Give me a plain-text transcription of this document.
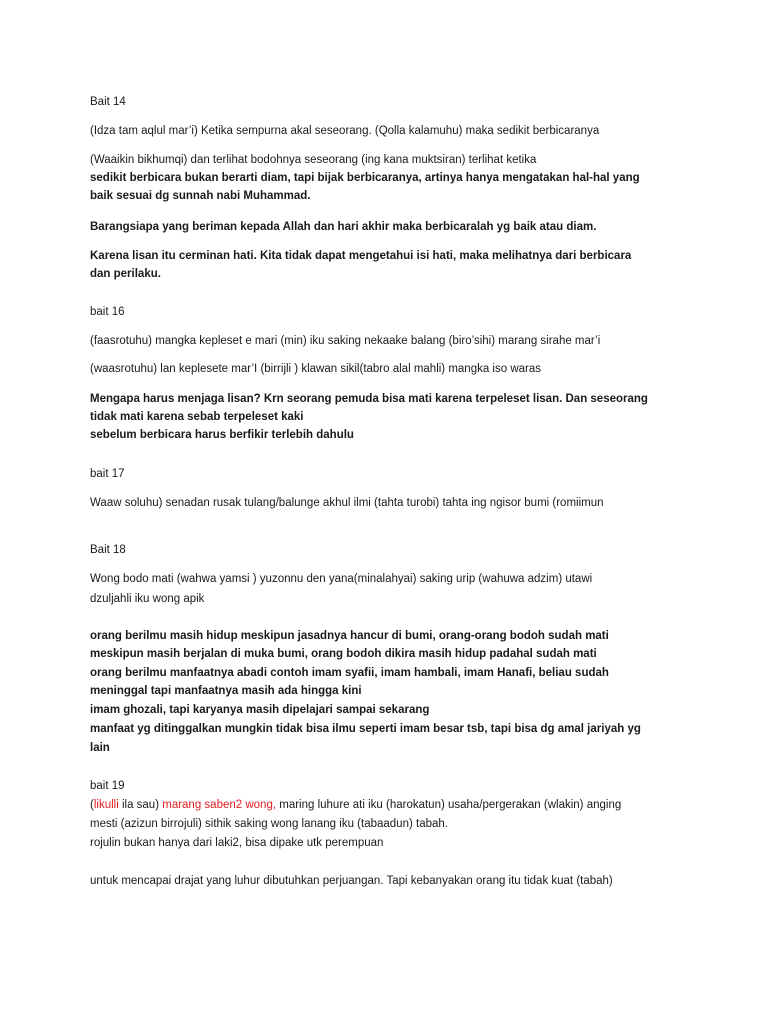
Bait 14
(Idza tam aqlul mar’i) Ketika sempurna akal seseorang. (Qolla kalamuhu) maka sedikit berbicaranya
(Waaikin bikhumqi) dan terlihat bodohnya seseorang (ing kana muktsiran) terlihat ketika
sedikit berbicara bukan berarti diam, tapi bijak berbicaranya, artinya hanya mengatakan hal-hal yang
baik sesuai dg sunnah nabi Muhammad.
Barangsiapa yang beriman kepada Allah dan hari akhir maka berbicaralah yg baik atau diam.
Karena lisan itu cerminan hati. Kita tidak dapat mengetahui isi hati, maka melihatnya dari berbicara
dan perilaku.
bait 16
(faasrotuhu) mangka kepleset e mari (min) iku saking nekaake balang (biro’sihi) marang sirahe mar’i
(waasrotuhu) lan keplesete mar’I (birrijli ) klawan sikil(tabro alal mahli) mangka iso waras
Mengapa harus menjaga lisan? Krn seorang pemuda bisa mati karena terpeleset lisan. Dan seseorang
tidak mati karena sebab terpeleset kaki
sebelum berbicara harus berfikir terlebih dahulu
bait 17
Waaw soluhu) senadan rusak tulang/balunge akhul ilmi (tahta turobi) tahta ing ngisor bumi (romiimun
Bait 18
Wong bodo mati (wahwa yamsi ) yuzonnu den yana(minalahyai) saking urip (wahuwa adzim) utawi
dzuljahli iku wong apik
orang berilmu masih hidup meskipun jasadnya hancur di bumi, orang-orang bodoh sudah mati
meskipun masih berjalan di muka bumi, orang bodoh dikira masih hidup padahal sudah mati
orang berilmu manfaatnya abadi contoh imam syafii, imam hambali, imam Hanafi, beliau sudah
meninggal tapi manfaatnya masih ada hingga kini
imam ghozali, tapi karyanya masih dipelajari sampai sekarang
manfaat yg ditinggalkan mungkin tidak bisa ilmu seperti imam besar tsb, tapi bisa dg amal jariyah yg
lain
bait 19
(likulli ila sau) marang saben2 wong, maring luhure ati iku (harokatun) usaha/pergerakan (wlakin) anging
mesti (azizun birrojuli) sithik saking wong lanang iku (tabaadun) tabah.
rojulin bukan hanya dari laki2, bisa dipake utk perempuan
untuk mencapai drajat yang luhur dibutuhkan perjuangan. Tapi kebanyakan orang itu tidak kuat (tabah)
